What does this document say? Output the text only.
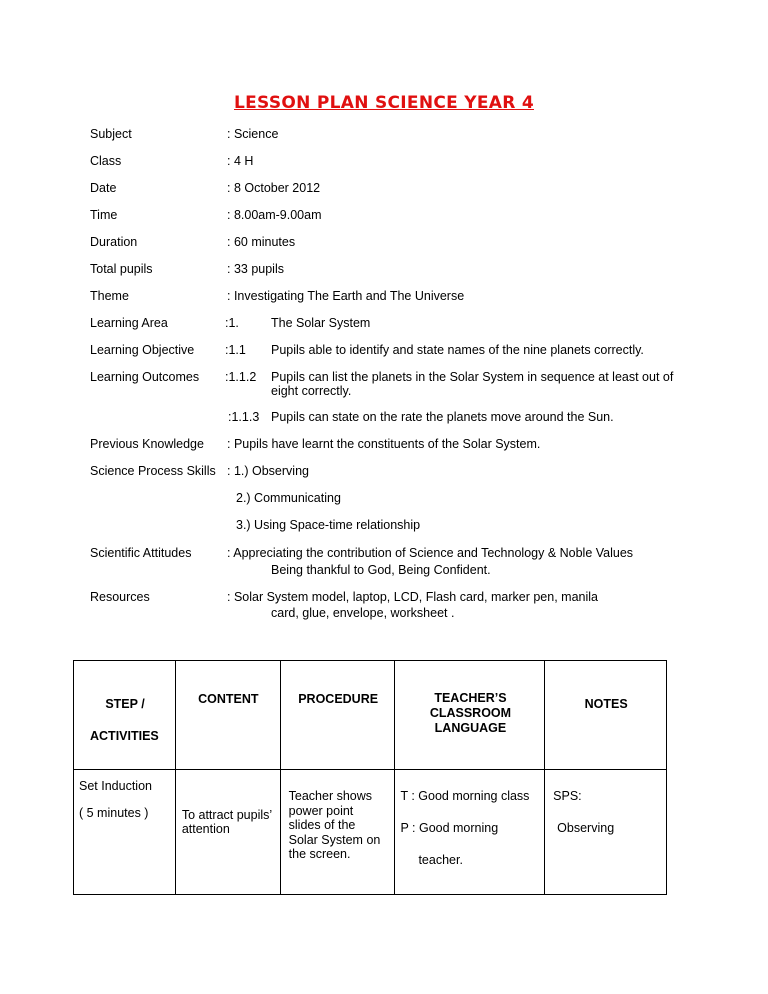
LESSON PLAN SCIENCE YEAR 4
Subject	: Science
Class	: 4 H
Date	: 8 October 2012
Time	: 8.00am-9.00am
Duration	: 60 minutes
Total pupils	: 33 pupils
Theme	: Investigating The Earth and The Universe
Learning Area	:1.	The Solar System
Learning Objective :1.1 Pupils able to identify and state names of the nine planets correctly.
Learning Outcomes :1.1.2 Pupils can list the planets in the Solar System in sequence at least out of
eight correctly.
:1.1.3 Pupils can state on the rate the planets move around the Sun.
Previous Knowledge : Pupils have learnt the constituents of the Solar System.
Science Process Skills : 1.) Observing
2.) Communicating
3.) Using Space-time relationship
Scientific Attitudes	: Appreciating the contribution of Science and Technology & Noble Values
Being thankful to God, Being Confident.
Resources	: Solar System model, laptop, LCD, Flash card, marker pen, manila
card, glue, envelope, worksheet .
STEP /
ACTIVITIES	CONTENT	PROCEDURE	TEACHER’S
CLASSROOM
LANGUAGE	NOTES

Set Induction
( 5 minutes )	To attract pupils’
attention	Teacher shows
power point
slides of the
Solar System on
the screen.	T : Good morning class
P : Good morning
teacher.	SPS:
Observing
